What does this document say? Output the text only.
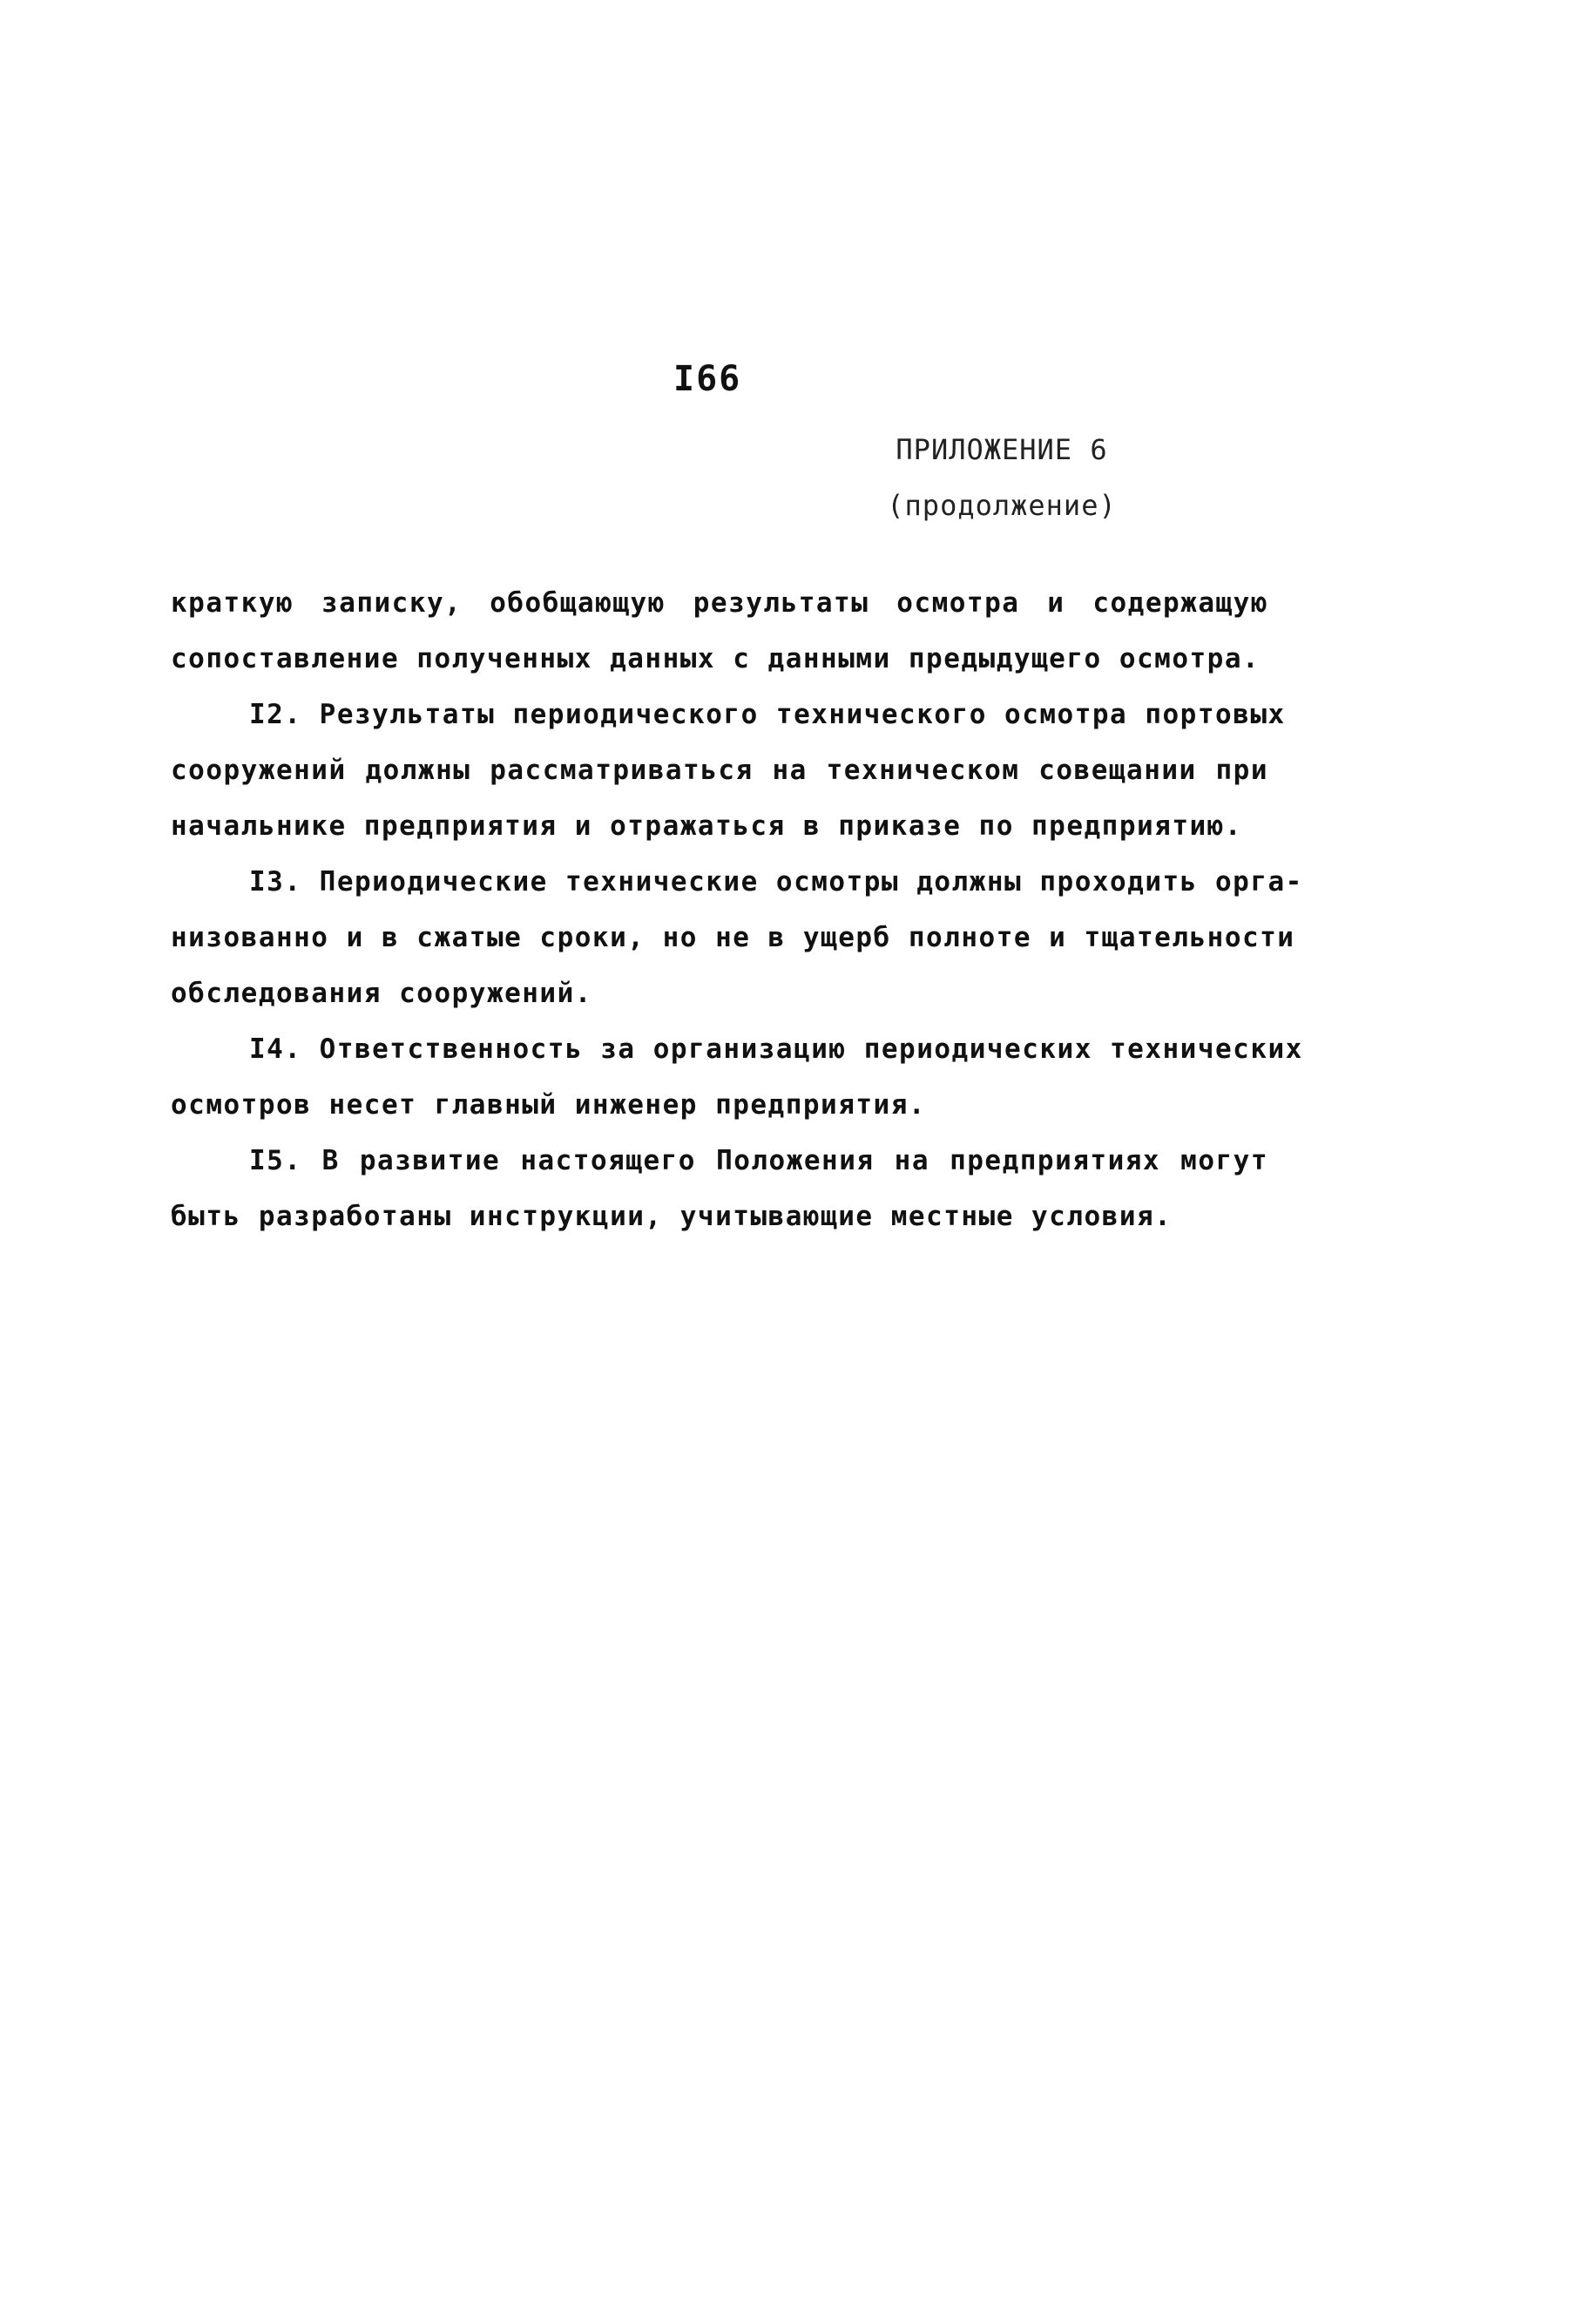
I66
ПРИЛОЖЕНИЕ 6
(продолжение)
краткую записку, обобщающую результаты осмотра и содержащую
сопоставление полученных данных с данными предыдущего осмотра.
I2. Результаты периодического технического осмотра портовых
сооружений должны рассматриваться на техническом совещании при
начальнике предприятия и отражаться в приказе по предприятию.
I3. Периодические технические осмотры должны проходить орга-
низованно и в сжатые сроки, но не в ущерб полноте и тщательности
обследования сооружений.
I4. Ответственность за организацию периодических технических
осмотров несет главный инженер предприятия.
I5. В развитие настоящего Положения на предприятиях могут
быть разработаны инструкции, учитывающие местные условия.
